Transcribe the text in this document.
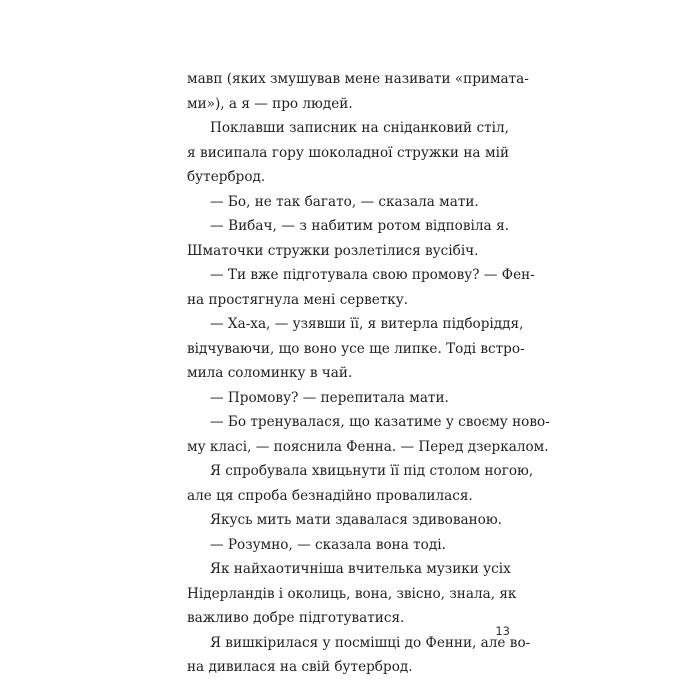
мавп (яких змушував мене називати «примата-
ми»), а я — про людей.
Поклавши записник на сніданковий стіл,
я висипала гору шоколадної стружки на мій
бутерброд.
— Бо, не так багато, — сказала мати.
— Вибач, — з набитим ротом відповіла я.
Шматочки стружки розлетілися вусібіч.
— Ти вже підготувала свою промову? — Фен-
на простягнула мені серветку.
— Ха-ха, — узявши її, я витерла підборіддя,
відчуваючи, що воно усе ще липке. Тоді встро-
мила соломинку в чай.
— Промову? — перепитала мати.
— Бо тренувалася, що казатиме у своєму ново-
му класі, — пояснила Фенна. — Перед дзеркалом.
Я спробувала хвицьнути її під столом ногою,
але ця спроба безнадійно провалилася.
Якусь мить мати здавалася здивованою.
— Розумно, — сказала вона тоді.
Як найхаотичніша вчителька музики усіх
Нідерландів і околиць, вона, звісно, знала, як
важливо добре підготуватися.
Я вишкірилася у посмішці до Фенни, але во-
на дивилася на свій бутерброд.
13
